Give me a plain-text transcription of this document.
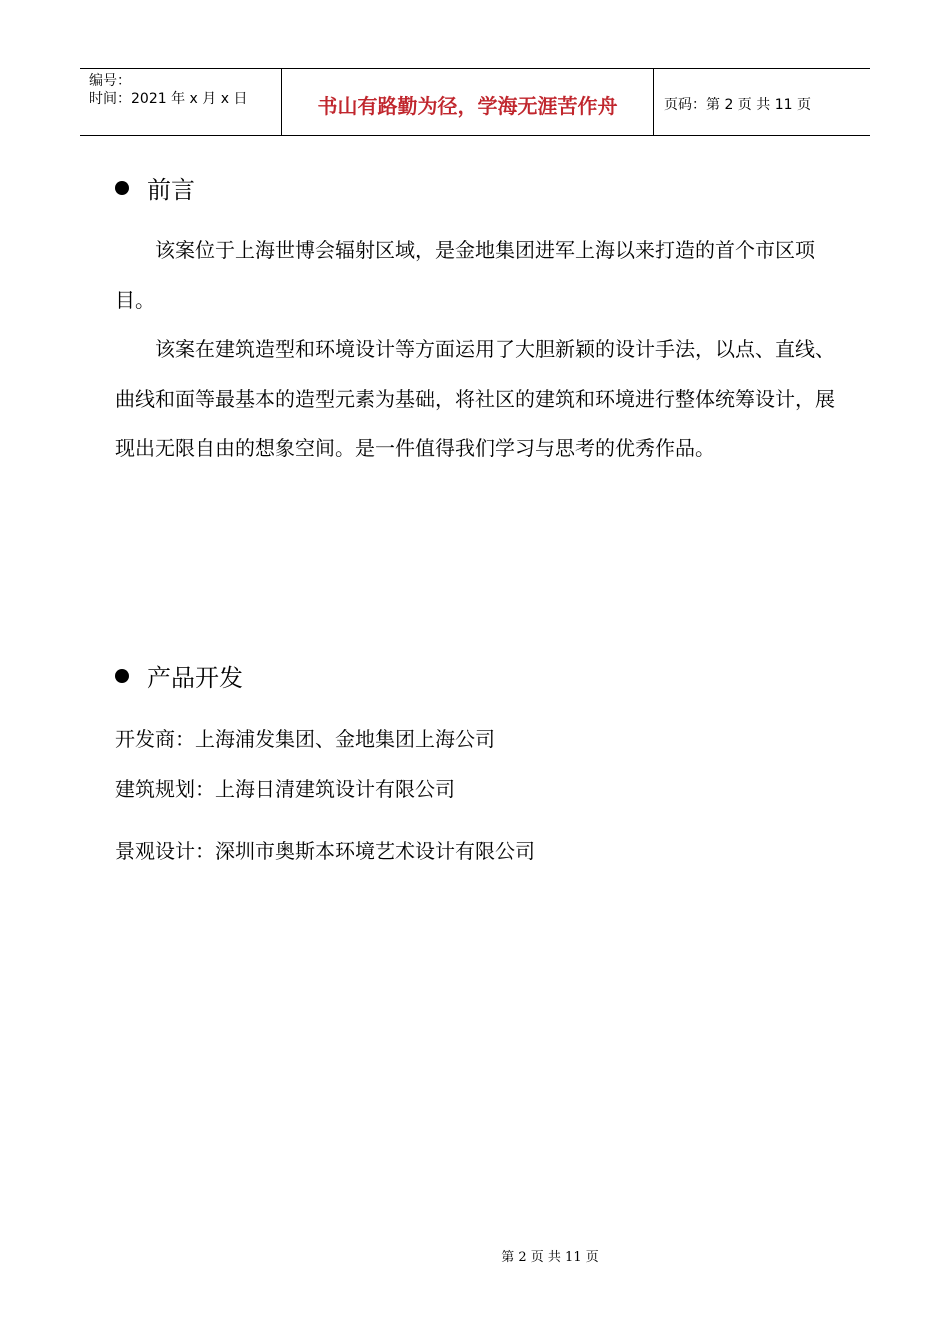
编号：
时间：2021 年 x 月 x 日	书山有路勤为径，学海无涯苦作舟	页码：第 2 页 共 11 页
前言

该案位于上海世博会辐射区域，是金地集团进军上海以来打造的首个市区项目。

该案在建筑造型和环境设计等方面运用了大胆新颖的设计手法，以点、直线、曲线和面等最基本的造型元素为基础，将社区的建筑和环境进行整体统筹设计，展现出无限自由的想象空间。是一件值得我们学习与思考的优秀作品。

产品开发
开发商：上海浦发集团、金地集团上海公司
建筑规划：上海日清建筑设计有限公司
景观设计：深圳市奥斯本环境艺术设计有限公司
第 2 页 共 11 页
